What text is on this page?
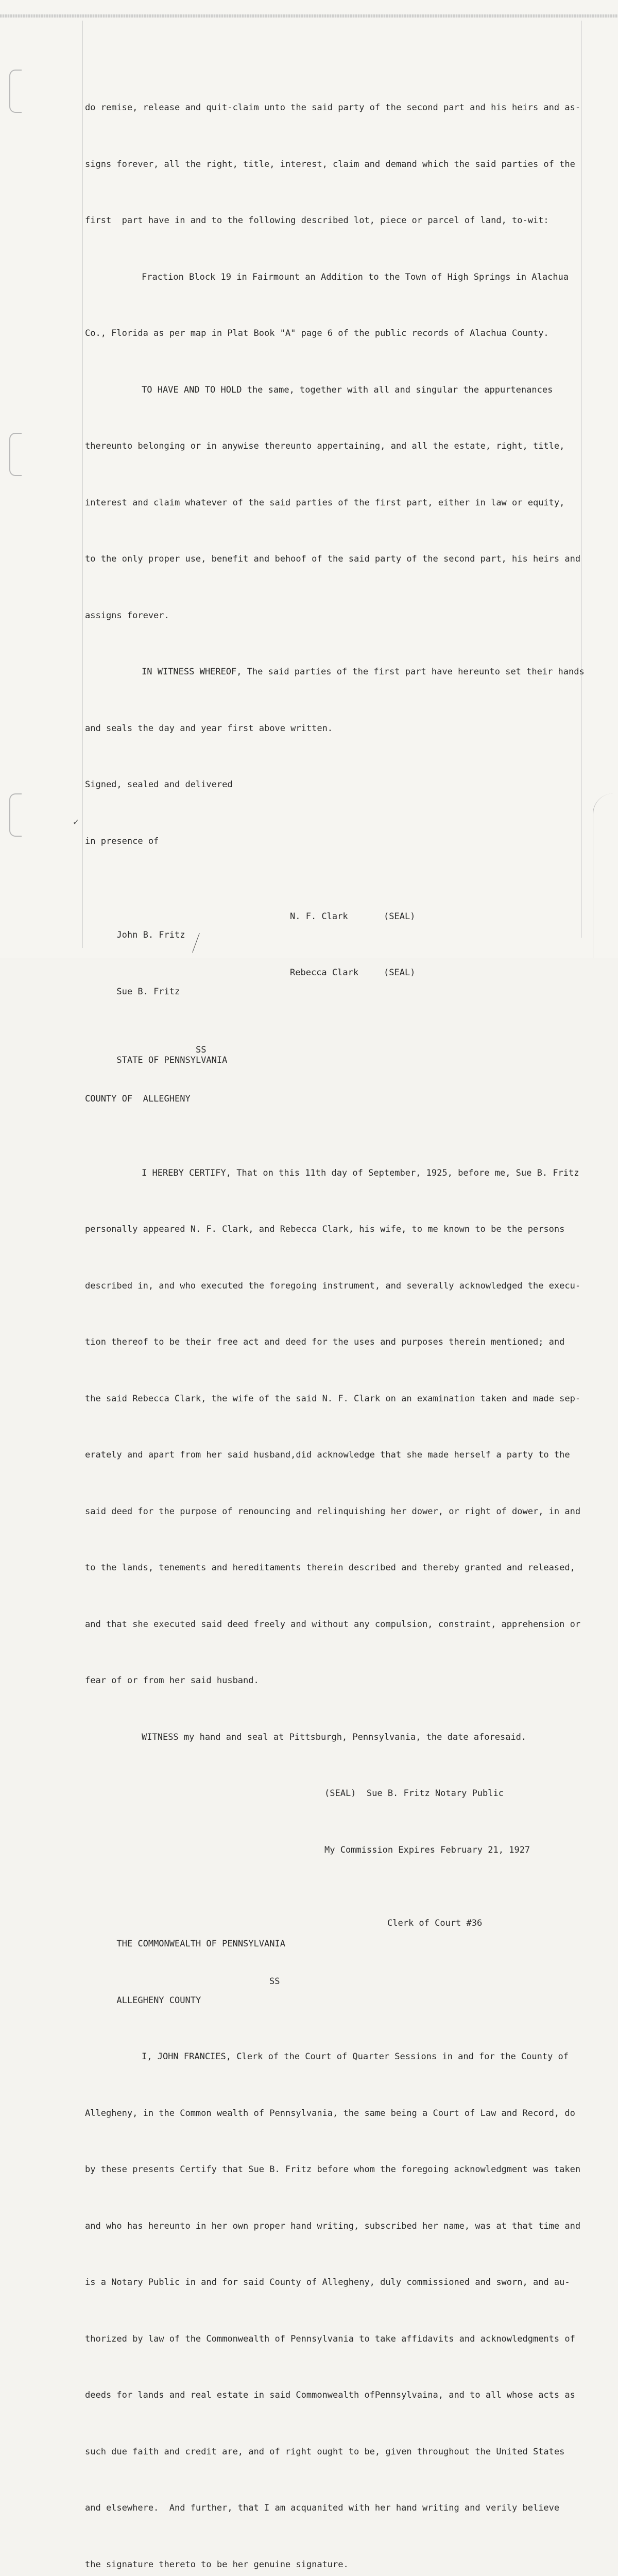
✓

do remise, release and quit-claim unto the said party of the second part and his heirs and as-

signs forever, all the right, title, interest, claim and demand which the said parties of the

first  part have in and to the following described lot, piece or parcel of land, to-wit:

Fraction Block 19 in Fairmount an Addition to the Town of High Springs in Alachua

Co., Florida as per map in Plat Book "A" page 6 of the public records of Alachua County.

TO HAVE AND TO HOLD the same, together with all and singular the appurtenances

thereunto belonging or in anywise thereunto appertaining, and all the estate, right, title,

interest and claim whatever of the said parties of the first part, either in law or equity,

to the only proper use, benefit and behoof of the said party of the second part, his heirs and

assigns forever.

IN WITNESS WHEREOF, The said parties of the first part have hereunto set their hands

and seals the day and year first above written.

Signed, sealed and delivered

in presence of

John B. Fritz

N. F. Clark

	(SEAL)

Sue B. Fritz

Rebecca Clark

	(SEAL)

STATE OF PENNSYLVANIA

SS

COUNTY OF  ALLEGHENY

I HEREBY CERTIFY, That on this 11th day of September, 1925, before me, Sue B. Fritz

personally appeared N. F. Clark, and Rebecca Clark, his wife, to me known to be the persons

described in, and who executed the foregoing instrument, and severally acknowledged the execu-

tion thereof to be their free act and deed for the uses and purposes therein mentioned; and

the said Rebecca Clark, the wife of the said N. F. Clark on an examination taken and made sep-

erately and apart from her said husband,did acknowledge that she made herself a party to the

said deed for the purpose of renouncing and relinquishing her dower, or right of dower, in and

to the lands, tenements and hereditaments therein described and thereby granted and released,

and that she executed said deed freely and without any compulsion, constraint, apprehension or

fear of or from her said husband.

WITNESS my hand and seal at Pittsburgh, Pennsylvania, the date aforesaid.

(SEAL)  Sue B. Fritz Notary Public

My Commission Expires February 21, 1927

THE COMMONWEALTH OF PENNSYLVANIA

Clerk of Court #36

ALLEGHENY COUNTY

SS

I, JOHN FRANCIES, Clerk of the Court of Quarter Sessions in and for the County of

Allegheny, in the Common wealth of Pennsylvania, the same being a Court of Law and Record, do

by these presents Certify that Sue B. Fritz before whom the foregoing acknowledgment was taken

and who has hereunto in her own proper hand writing, subscribed her name, was at that time and

is a Notary Public in and for said County of Allegheny, duly commissioned and sworn, and au-

thorized by law of the Commonwealth of Pennsylvania to take affidavits and acknowledgments of

deeds for lands and real estate in said Commonwealth ofPennsylvaina, and to all whose acts as

such due faith and credit are, and of right ought to be, given throughout the United States

and elsewhere.  And further, that I am acquanited with her hand writing and verily believe

the signature thereto to be her genuine signature.
